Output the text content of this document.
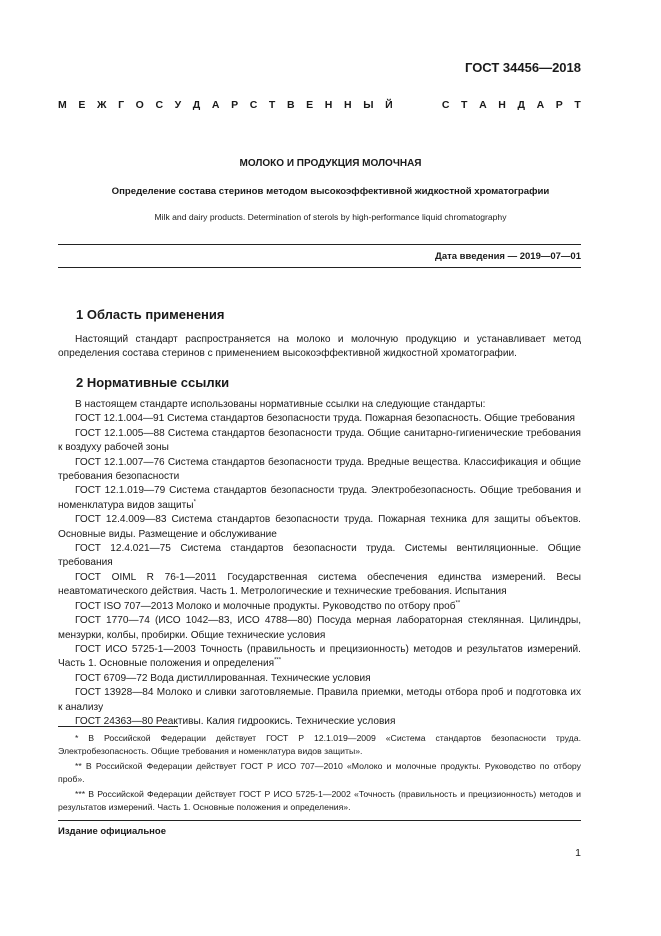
ГОСТ 34456—2018
М Е Ж Г О С У Д А Р С Т В Е Н Н Ы Й	С Т А Н Д А Р Т
МОЛОКО И ПРОДУКЦИЯ МОЛОЧНАЯ
Определение состава стеринов методом высокоэффективной жидкостной хроматографии
Milk and dairy products. Determination of sterols by high-performance liquid chromatography
Дата введения — 2019—07—01
1 Область применения

Настоящий стандарт распространяется на молоко и молочную продукцию и устанавливает метод определения состава стеринов с применением высокоэффективной жидкостной хроматографии.

2 Нормативные ссылки

В настоящем стандарте использованы нормативные ссылки на следующие стандарты:

ГОСТ 12.1.004—91 Система стандартов безопасности труда. Пожарная безопасность. Общие требования

ГОСТ 12.1.005—88 Система стандартов безопасности труда. Общие санитарно-гигиенические требования к воздуху рабочей зоны

ГОСТ 12.1.007—76 Система стандартов безопасности труда. Вредные вещества. Классификация и общие требования безопасности

ГОСТ 12.1.019—79 Система стандартов безопасности труда. Электробезопасность. Общие требования и номенклатура видов защиты*

ГОСТ 12.4.009—83 Система стандартов безопасности труда. Пожарная техника для защиты объектов. Основные виды. Размещение и обслуживание

ГОСТ 12.4.021—75 Система стандартов безопасности труда. Системы вентиляционные. Общие требования

ГОСТ OIML R 76-1—2011 Государственная система обеспечения единства измерений. Весы неавтоматического действия. Часть 1. Метрологические и технические требования. Испытания

ГОСТ ISO 707—2013 Молоко и молочные продукты. Руководство по отбору проб**

ГОСТ 1770—74 (ИСО 1042—83, ИСО 4788—80) Посуда мерная лабораторная стеклянная. Цилиндры, мензурки, колбы, пробирки. Общие технические условия

ГОСТ ИСО 5725-1—2003 Точность (правильность и прецизионность) методов и результатов измерений. Часть 1. Основные положения и определения***

ГОСТ 6709—72 Вода дистиллированная. Технические условия

ГОСТ 13928—84 Молоко и сливки заготовляемые. Правила приемки, методы отбора проб и подготовка их к анализу

ГОСТ 24363—80 Реактивы. Калия гидроокись. Технические условия

* В Российской Федерации действует ГОСТ Р 12.1.019—2009 «Система стандартов безопасности труда. Электробезопасность. Общие требования и номенклатура видов защиты».

** В Российской Федерации действует ГОСТ Р ИСО 707—2010 «Молоко и молочные продукты. Руководство по отбору проб».

*** В Российской Федерации действует ГОСТ Р ИСО 5725-1—2002 «Точность (правильность и прецизионность) методов и результатов измерений. Часть 1. Основные положения и определения».

Издание официальное
1
